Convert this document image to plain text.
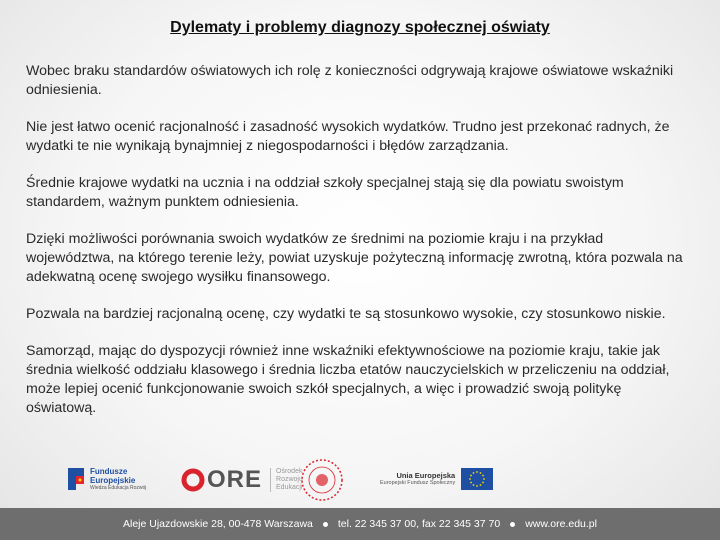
Dylematy i problemy diagnozy społecznej oświaty

Wobec braku standardów oświatowych ich rolę z konieczności odgrywają krajowe oświatowe wskaźniki odniesienia.

Nie jest łatwo ocenić racjonalność i zasadność wysokich wydatków. Trudno jest przekonać radnych, że wydatki te nie wynikają bynajmniej z niegospodarności i błędów zarządzania.

Średnie krajowe wydatki na ucznia i na oddział szkoły specjalnej stają się dla powiatu swoistym standardem, ważnym punktem odniesienia.

Dzięki możliwości porównania swoich wydatków ze średnimi na poziomie kraju i na przykład województwa, na którego terenie leży, powiat uzyskuje pożyteczną informację zwrotną, która pozwala na adekwatną ocenę swojego wysiłku finansowego.

Pozwala na bardziej racjonalną ocenę, czy wydatki te są stosunkowo wysokie, czy stosunkowo niskie.

Samorząd, mając do dyspozycji również inne wskaźniki efektywnościowe na poziomie kraju, takie jak średnia wielkość oddziału klasowego i średnia liczba etatów nauczycielskich w przeliczeniu na oddział, może lepiej ocenić funkcjonowanie swoich szkół specjalnych, a więc i prowadzić swoją politykę oświatową.

Fundusze
Europejskie
Wiedza Edukacja Rozwój	ORE Ośrodek
Rozwoju
Edukacji
Unia Europejska
Europejski Fundusz Społeczny
Aleje Ujazdowskie 28, 00-478 Warszawa tel. 22 345 37 00, fax 22 345 37 70 www.ore.edu.pl
